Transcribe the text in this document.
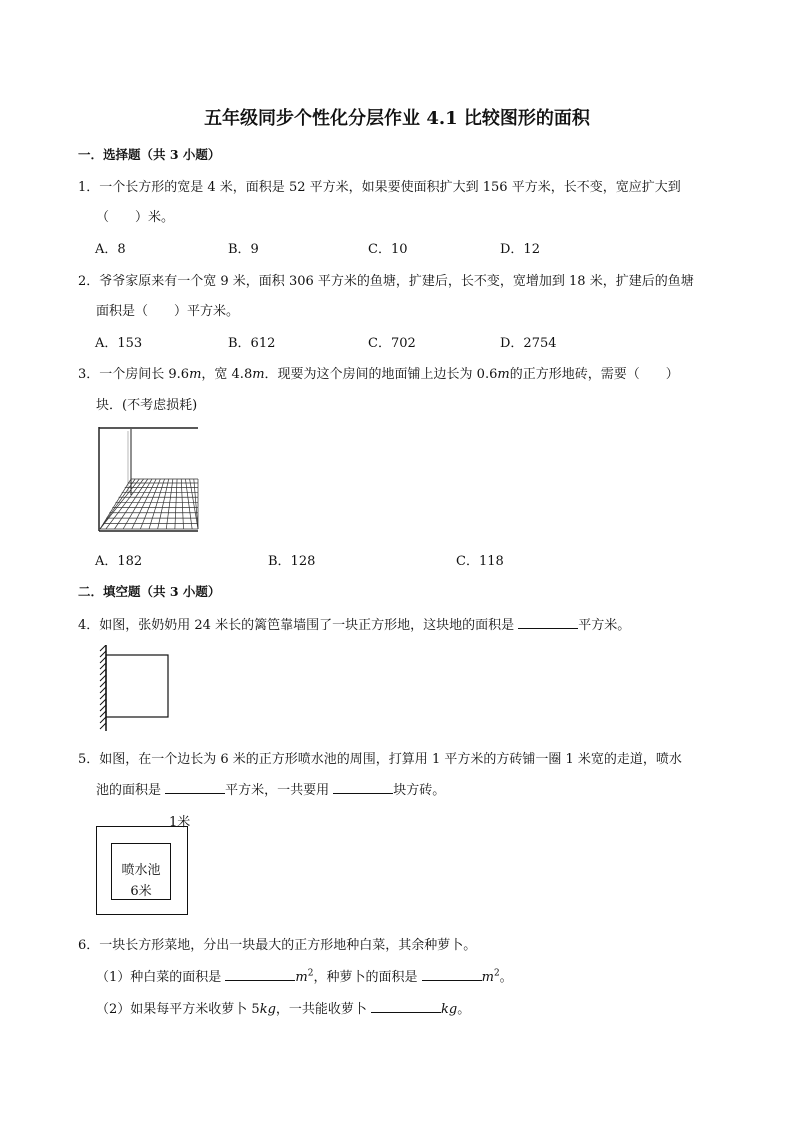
五年级同步个性化分层作业 4.1 比较图形的面积
一．选择题（共 3 小题）
1．一个长方形的宽是 4 米，面积是 52 平方米，如果要使面积扩大到 156 平方米，长不变，宽应扩大到
（　　）米。
A．8	B．9	C．10	D．12
2．爷爷家原来有一个宽 9 米，面积 306 平方米的鱼塘，扩建后，长不变，宽增加到 18 米，扩建后的鱼塘
面积是（　　）平方米。
A．153	B．612	C．702	D．2754
3．一个房间长 9.6m，宽 4.8m．现要为这个房间的地面铺上边长为 0.6m的正方形地砖，需要（　　）
块．(不考虑损耗)
A．182	B．128	C．118
二．填空题（共 3 小题）
4．如图，张奶奶用 24 米长的篱笆靠墙围了一块正方形地，这块地的面积是	平方米。
5．如图，在一个边长为 6 米的正方形喷水池的周围，打算用 1 平方米的方砖铺一圈 1 米宽的走道，喷水
池的面积是	平方米，一共要用	块方砖。
1米
喷水池
6米
6．一块长方形菜地，分出一块最大的正方形地种白菜，其余种萝卜。
（1）种白菜的面积是	$m^2$，种萝卜的面积是	$m^2$。
（2）如果每平方米收萝卜 5kg，一共能收萝卜	kg。
